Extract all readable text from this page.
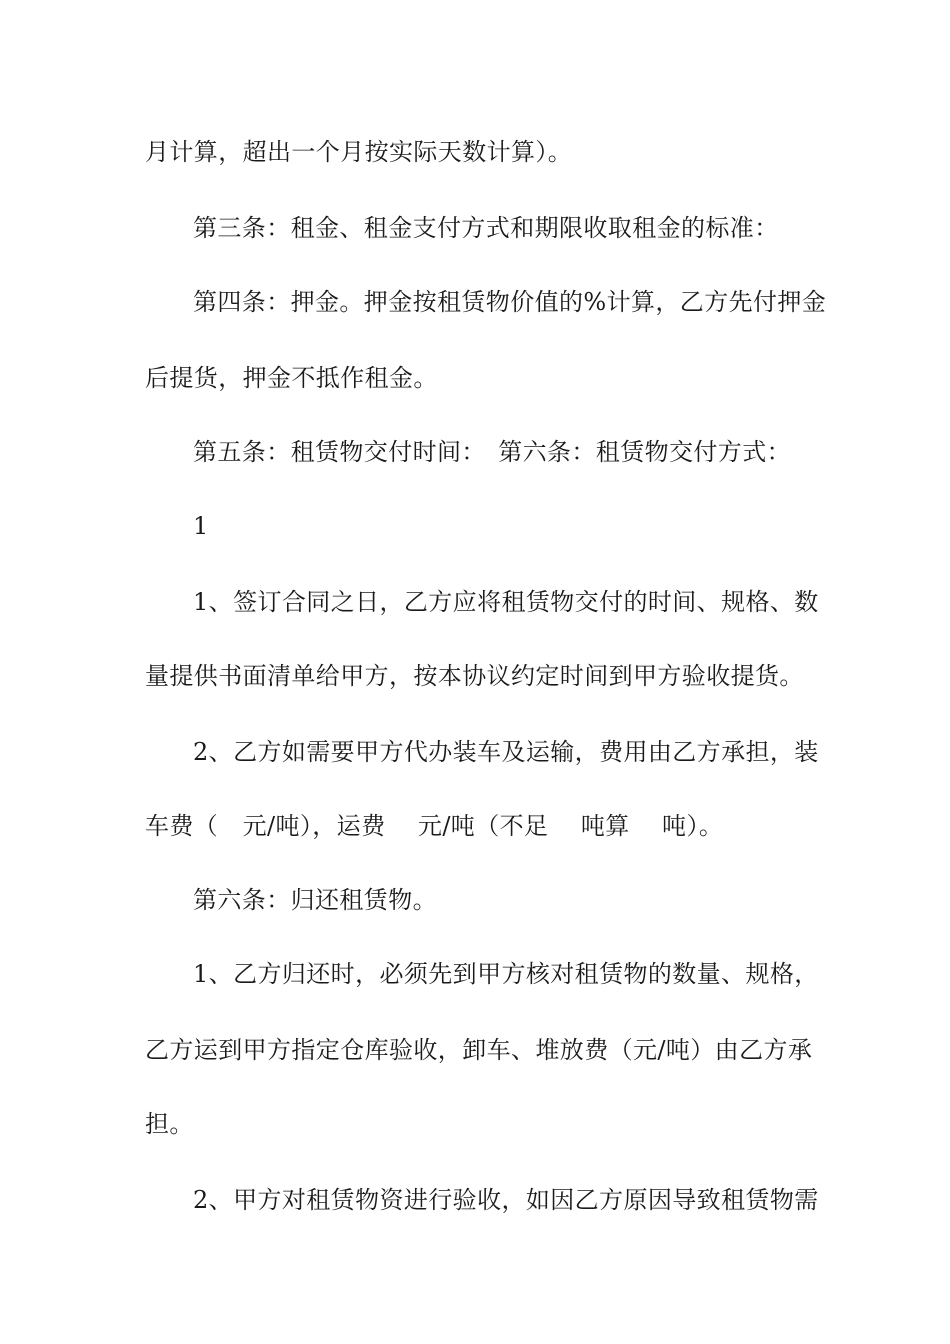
月计算，超出一个月按实际天数计算）。
第三条：租金、租金支付方式和期限收取租金的标准：
第四条：押金。押金按租赁物价值的%计算，乙方先付押金
后提货，押金不抵作租金。
第五条：租赁物交付时间：　第六条：租赁物交付方式：
1
1、签订合同之日，乙方应将租赁物交付的时间、规格、数
量提供书面清单给甲方，按本协议约定时间到甲方验收提货。
2、乙方如需要甲方代办装车及运输，费用由乙方承担，装
车费（　元/吨），运费　 元/吨（不足　 吨算　 吨）。
第六条：归还租赁物。
1、乙方归还时，必须先到甲方核对租赁物的数量、规格，
乙方运到甲方指定仓库验收，卸车、堆放费（元/吨）由乙方承
担。
2、甲方对租赁物资进行验收，如因乙方原因导致租赁物需
